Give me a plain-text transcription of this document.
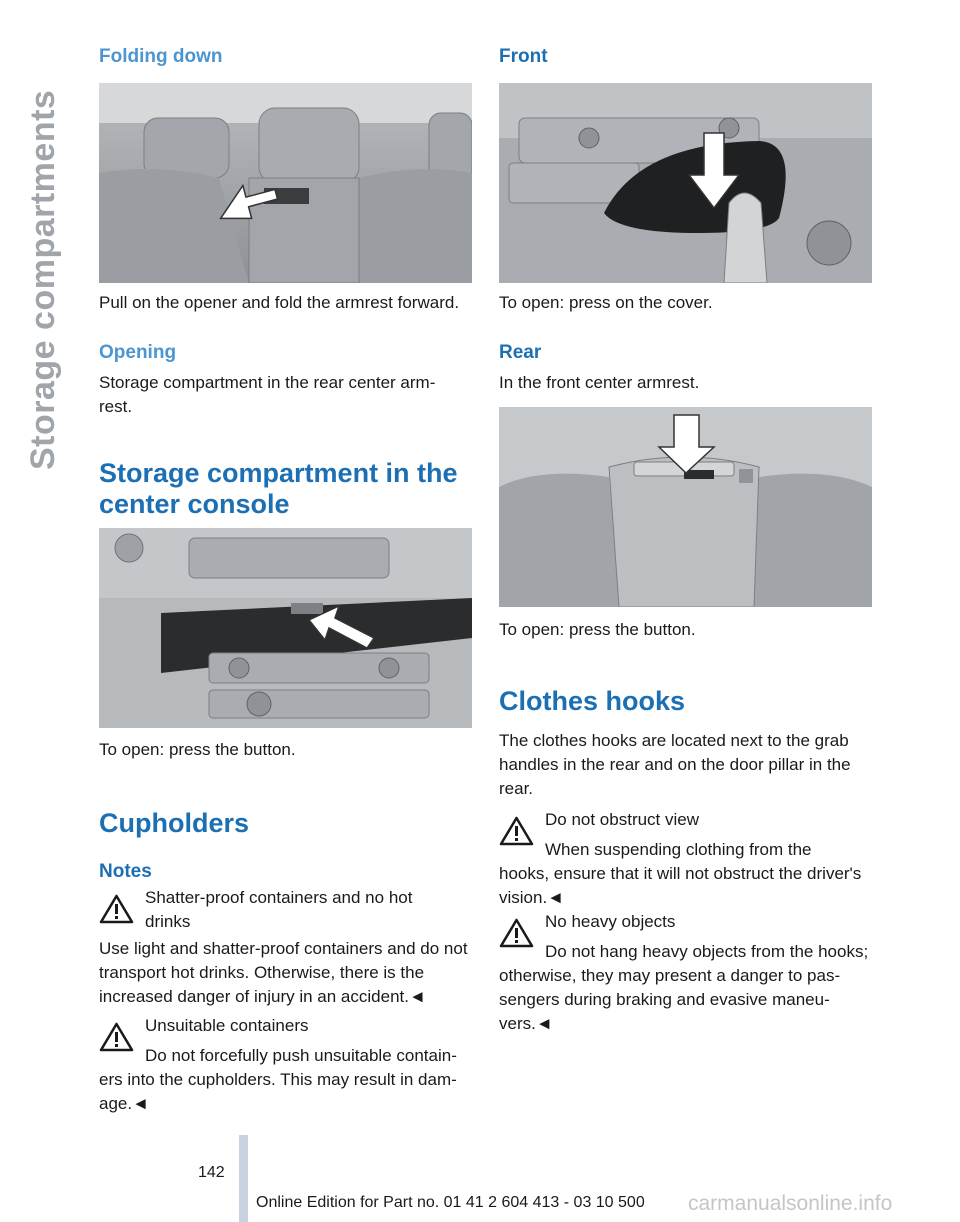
Storage compartments
Folding down

Pull on the opener and fold the armrest forward.

Opening

Storage compartment in the rear center arm-rest.

Storage compartment in the center console

To open: press the button.

Cupholders
Notes
Shatter-proof containers and no hot drinks

Use light and shatter-proof containers and do not transport hot drinks. Otherwise, there is the increased danger of injury in an accident.◄

Unsuitable containers
Do not forcefully push unsuitable contain-

ers into the cupholders. This may result in dam-age.◄

Front

To open: press on the cover.

Rear

In the front center armrest.

To open: press the button.

Clothes hooks

The clothes hooks are located next to the grab handles in the rear and on the door pillar in the rear.

Do not obstruct view
When suspending clothing from the

hooks, ensure that it will not obstruct the driver's vision.◄

No heavy objects
Do not hang heavy objects from the hooks;

otherwise, they may present a danger to pas-sengers during braking and evasive maneu-vers.◄

142
Online Edition for Part no. 01 41 2 604 413 - 03 10 500 carmanualsonline.info
